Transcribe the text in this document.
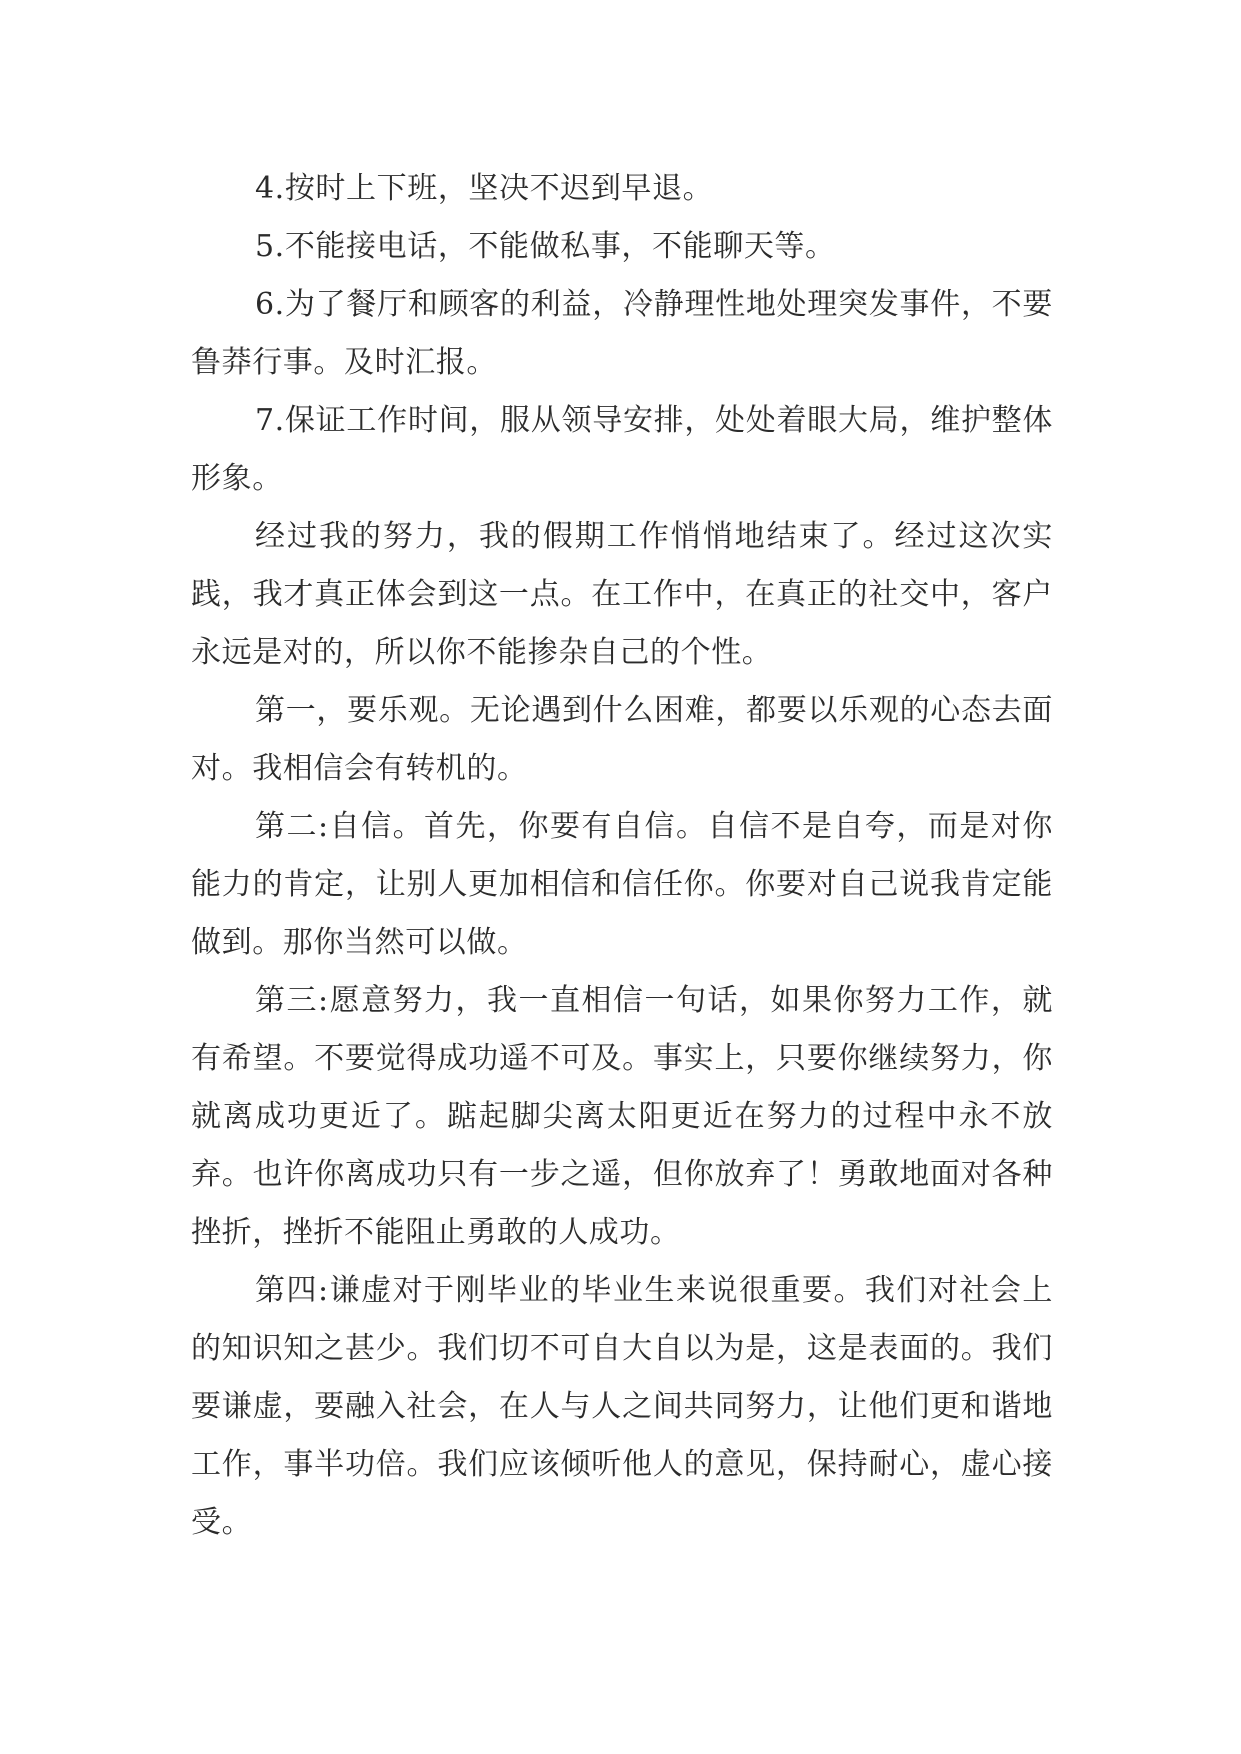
4.按时上下班，坚决不迟到早退。

5.不能接电话，不能做私事，不能聊天等。

6.为了餐厅和顾客的利益，冷静理性地处理突发事件，不要鲁莽行事。及时汇报。

7.保证工作时间，服从领导安排，处处着眼大局，维护整体形象。

经过我的努力，我的假期工作悄悄地结束了。经过这次实践，我才真正体会到这一点。在工作中，在真正的社交中，客户永远是对的，所以你不能掺杂自己的个性。

第一，要乐观。无论遇到什么困难，都要以乐观的心态去面对。我相信会有转机的。

第二:自信。首先，你要有自信。自信不是自夸，而是对你能力的肯定，让别人更加相信和信任你。你要对自己说我肯定能做到。那你当然可以做。

第三:愿意努力，我一直相信一句话，如果你努力工作，就有希望。不要觉得成功遥不可及。事实上，只要你继续努力，你就离成功更近了。踮起脚尖离太阳更近在努力的过程中永不放弃。也许你离成功只有一步之遥，但你放弃了！勇敢地面对各种挫折，挫折不能阻止勇敢的人成功。

第四:谦虚对于刚毕业的毕业生来说很重要。我们对社会上的知识知之甚少。我们切不可自大自以为是，这是表面的。我们要谦虚，要融入社会，在人与人之间共同努力，让他们更和谐地工作，事半功倍。我们应该倾听他人的意见，保持耐心，虚心接受。
